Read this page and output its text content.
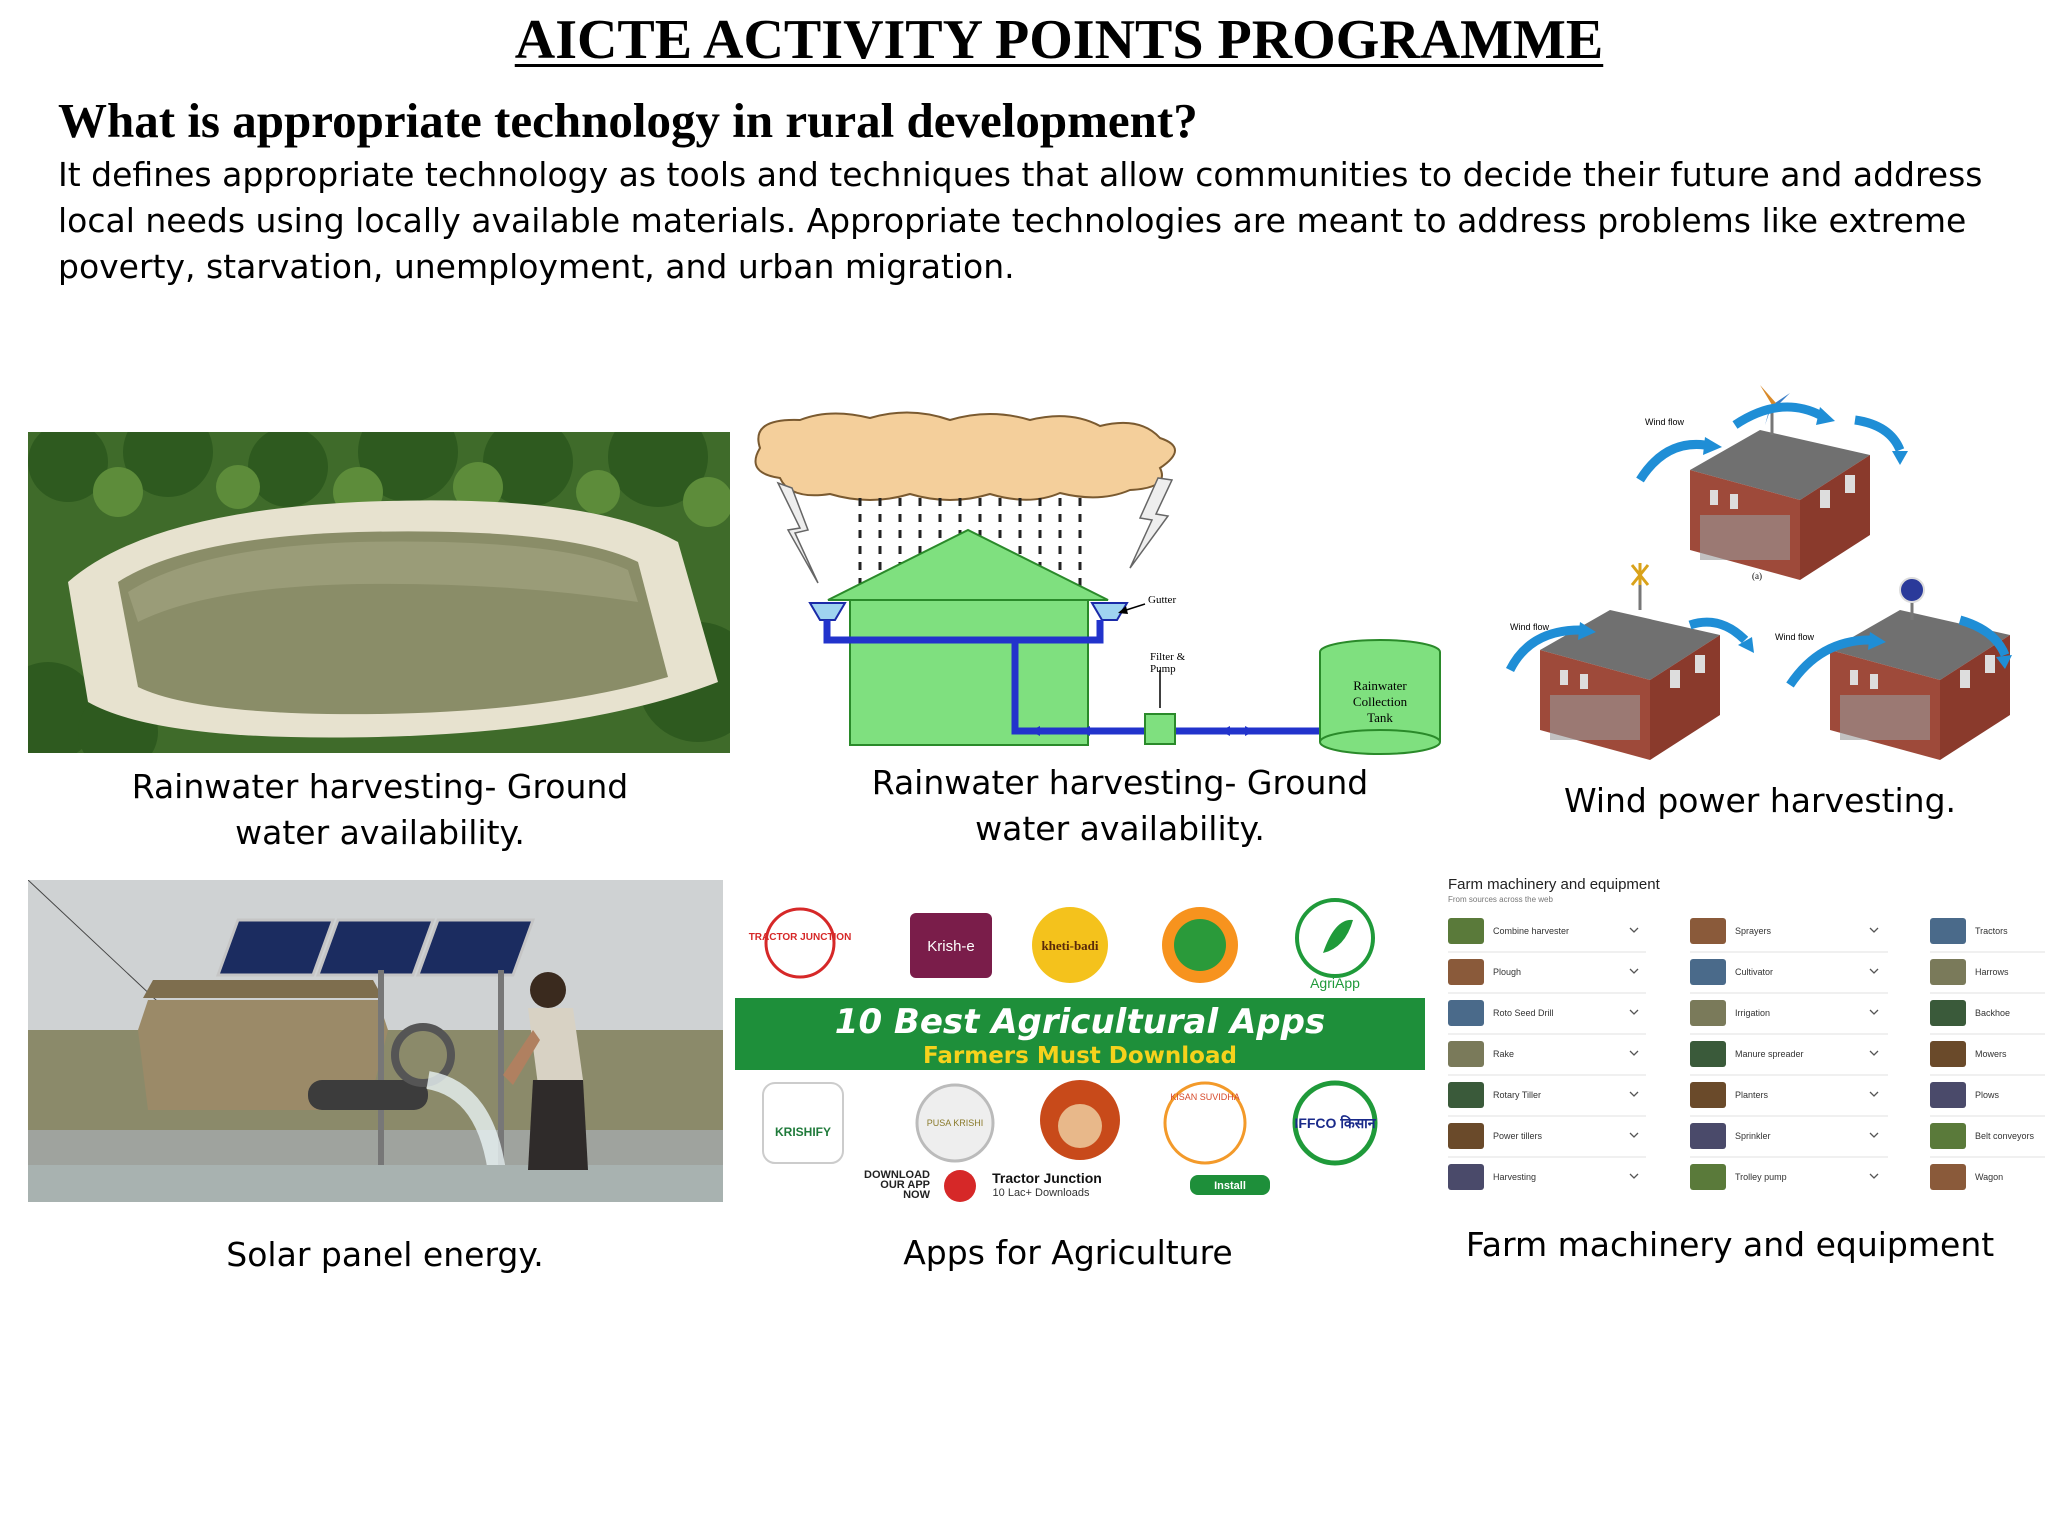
AICTE ACTIVITY POINTS PROGRAMME
What is appropriate technology in rural development?
It defines appropriate technology as tools and techniques that allow communities to decide their future and address local needs using locally available materials. Appropriate technologies are meant to address problems like extreme poverty, starvation, unemployment, and urban migration.
Rainwater harvesting- Ground water availability.
Gutter
Filter &
Pump
Rainwater
Collection
Tank
Rainwater harvesting- Ground water availability.
Wind flow
(a)
Wind flow
Wind flow
Wind power harvesting.
Solar panel energy.
TRACTOR JUNCTION
Krish-e	kheti-badi
AgriApp
10 Best Agricultural Apps
Farmers Must Download
KRISHIFY
PUSA KRISHI
KISAN SUVIDHA
IFFCO किसान
DOWNLOAD
OUR APP
NOW
Tractor Junction
10 Lac+ Downloads
Install
Apps for Agriculture
Farm machinery and equipment
From sources across the web
Combine harvester
Plough
Roto Seed Drill
Rake
Rotary Tiller
Power tillers
Harvesting
Sprayers
Cultivator
Irrigation
Manure spreader
Planters
Sprinkler
Trolley pump
Tractors
Harrows
Backhoe
Mowers
Plows
Belt conveyors
Wagon
Farm machinery and equipment
